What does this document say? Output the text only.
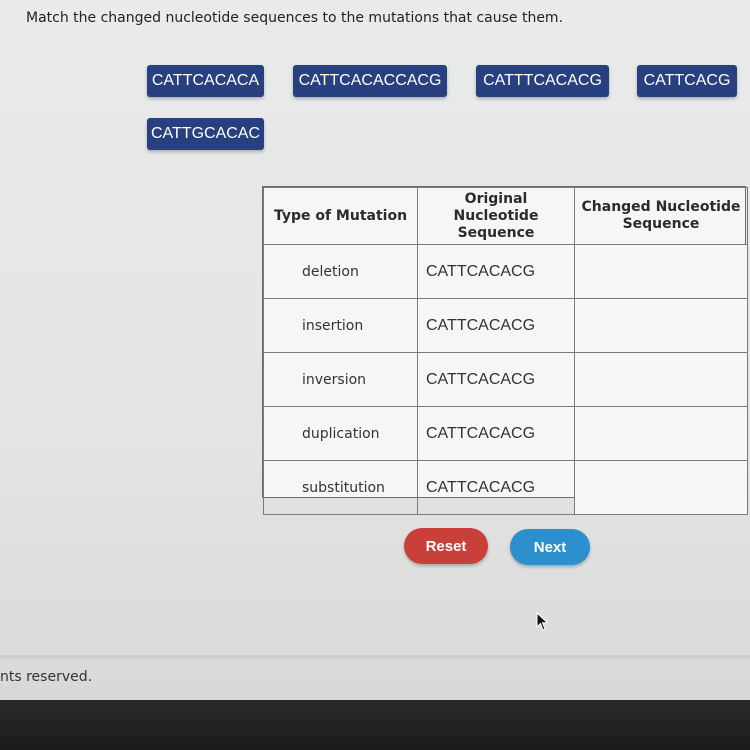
Match the changed nucleotide sequences to the mutations that cause them.
CATTCACACA	CATTCACACCACG	CATTTCACACG	CATTCACG
CATTGCACAC
Type of Mutation	Original Nucleotide Sequence	Changed Nucleotide Sequence
deletion	CATTCACACG	
insertion	CATTCACACG	
inversion	CATTCACACG	
duplication	CATTCACACG	
substitution	CATTCACACG	
Reset	Next
nts reserved.
